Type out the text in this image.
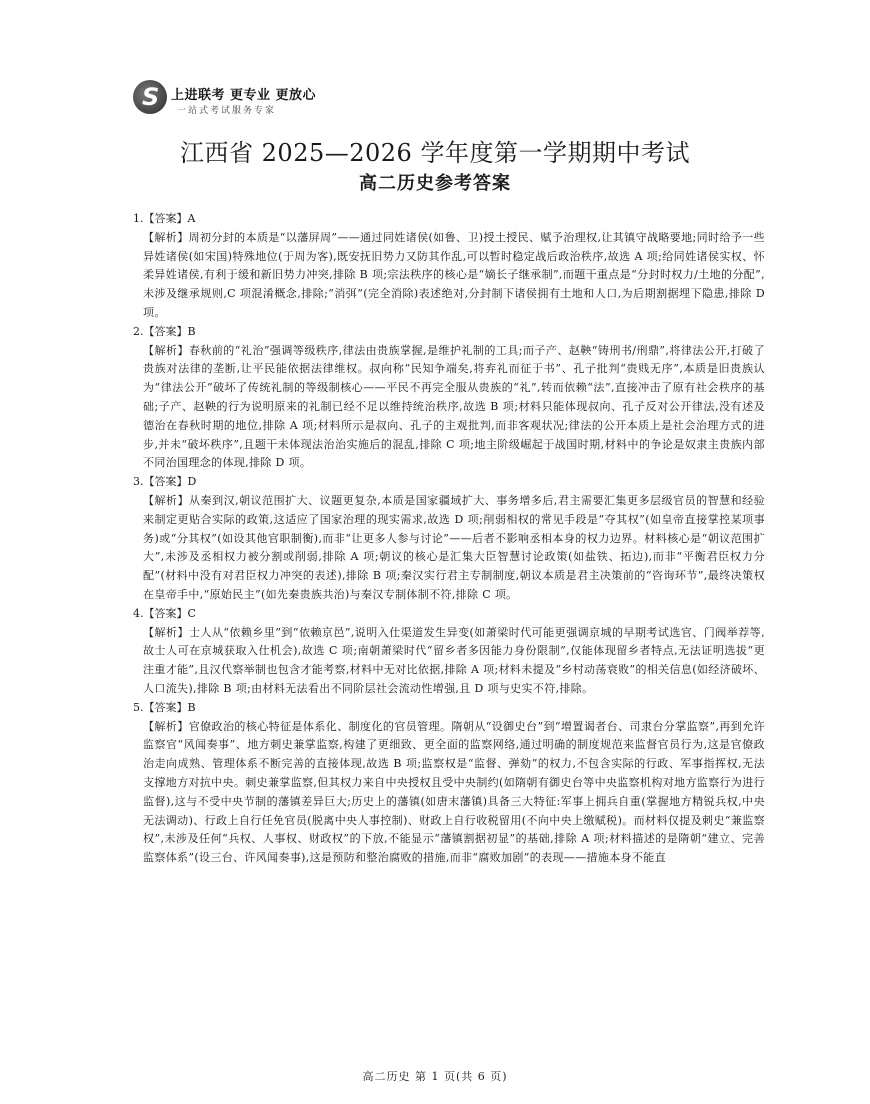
S
上进联考 更专业 更放心
一站式考试服务专家
江西省 2025—2026 学年度第一学期期中考试
高二历史参考答案
1.【答案】A
【解析】周初分封的本质是“以藩屏周”——通过同姓诸侯(如鲁、卫)授土授民、赋予治理权,让其镇守战略要地;同时给予一些异姓诸侯(如宋国)特殊地位(于周为客),既安抚旧势力又防其作乱,可以暂时稳定战后政治秩序,故选 A 项;给同姓诸侯实权、怀柔异姓诸侯,有利于缓和新旧势力冲突,排除 B 项;宗法秩序的核心是“嫡长子继承制”,而题干重点是“分封时权力/土地的分配”,未涉及继承规则,C 项混淆概念,排除;“消弭”(完全消除)表述绝对,分封制下诸侯拥有土地和人口,为后期割据埋下隐患,排除 D 项。
2.【答案】B
【解析】春秋前的“礼治”强调等级秩序,律法由贵族掌握,是维护礼制的工具;而子产、赵鞅“铸刑书/刑鼎”,将律法公开,打破了贵族对法律的垄断,让平民能依据法律维权。叔向称“民知争端矣,将弃礼而征于书”、孔子批判“贵贱无序”,本质是旧贵族认为“律法公开”破坏了传统礼制的等级制核心——平民不再完全服从贵族的“礼”,转而依赖“法”,直接冲击了原有社会秩序的基础;子产、赵鞅的行为说明原来的礼制已经不足以维持统治秩序,故选 B 项;材料只能体现叔向、孔子反对公开律法,没有述及德治在春秋时期的地位,排除 A 项;材料所示是叔向、孔子的主观批判,而非客观状况;律法的公开本质上是社会治理方式的进步,并未“破坏秩序”,且题干未体现法治治实施后的混乱,排除 C 项;地主阶级崛起于战国时期,材料中的争论是奴隶主贵族内部不同治国理念的体现,排除 D 项。
3.【答案】D
【解析】从秦到汉,朝议范围扩大、议题更复杂,本质是国家疆域扩大、事务增多后,君主需要汇集更多层级官员的智慧和经验来制定更贴合实际的政策,这适应了国家治理的现实需求,故选 D 项;削弱相权的常见手段是“夺其权”(如皇帝直接掌控某项事务)或“分其权”(如设其他官职制衡),而非“让更多人参与讨论”——后者不影响丞相本身的权力边界。材料核心是“朝议范围扩大”,未涉及丞相权力被分割或削弱,排除 A 项;朝议的核心是汇集大臣智慧讨论政策(如盐铁、拓边),而非“平衡君臣权力分配”(材料中没有对君臣权力冲突的表述),排除 B 项;秦汉实行君主专制制度,朝议本质是君主决策前的“咨询环节”,最终决策权在皇帝手中,“原始民主”(如先秦贵族共治)与秦汉专制体制不符,排除 C 项。
4.【答案】C
【解析】士人从“依赖乡里”到“依赖京邑”,说明入仕渠道发生异变(如萧梁时代可能更强调京城的早期考试选官、门阀举荐等,故士人可在京城获取入仕机会),故选 C 项;南朝萧梁时代“留乡者多因能力身份限制”,仅能体现留乡者特点,无法证明选拔“更注重才能”,且汉代察举制也包含才能考察,材料中无对比依据,排除 A 项;材料未提及“乡村动荡衰败”的相关信息(如经济破坏、人口流失),排除 B 项;由材料无法看出不同阶层社会流动性增强,且 D 项与史实不符,排除。
5.【答案】B
【解析】官僚政治的核心特征是体系化、制度化的官员管理。隋朝从“设御史台”到“增置谒者台、司隶台分掌监察”,再到允许监察官“风闻奏事”、地方刺史兼掌监察,构建了更细致、更全面的监察网络,通过明确的制度规范来监督官员行为,这是官僚政治走向成熟、管理体系不断完善的直接体现,故选 B 项;监察权是“监督、弹劾”的权力,不包含实际的行政、军事指挥权,无法支撑地方对抗中央。刺史兼掌监察,但其权力来自中央授权且受中央制约(如隋朝有御史台等中央监察机构对地方监察行为进行监督),这与不受中央节制的藩镇差异巨大;历史上的藩镇(如唐末藩镇)具备三大特征:军事上拥兵自重(掌握地方精锐兵权,中央无法调动)、行政上自行任免官员(脱离中央人事控制)、财政上自行收税留用(不向中央上缴赋税)。而材料仅提及刺史“兼监察权”,未涉及任何“兵权、人事权、财政权”的下放,不能显示“藩镇割据初显”的基础,排除 A 项;材料描述的是隋朝“建立、完善监察体系”(设三台、许风闻奏事),这是预防和整治腐败的措施,而非“腐败加剧”的表现——措施本身不能直
高二历史 第 1 页(共 6 页)
